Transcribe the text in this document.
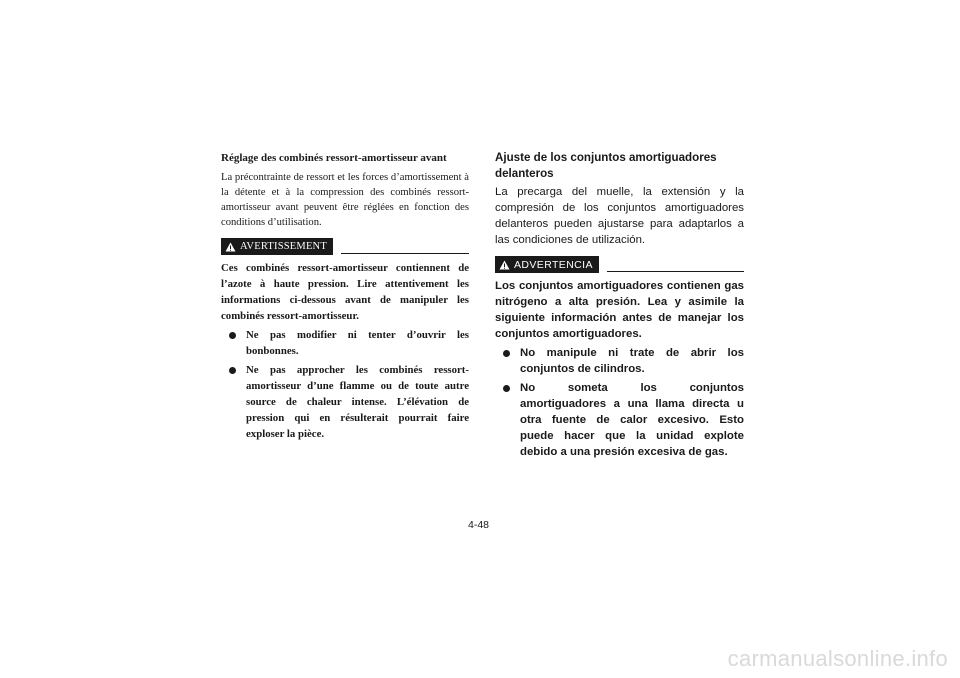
Réglage des combinés ressort-amortisseur avant

La précontrainte de ressort et les forces d’amortissement à la détente et à la compression des combinés ressort-amortisseur avant peuvent être réglées en fonction des conditions d’utilisation.

AVERTISSEMENT

Ces combinés ressort-amortisseur contiennent de l’azote à haute pression. Lire attentivement les informations ci-dessous avant de manipuler les combinés ressort-amortisseur.

Ne pas modifier ni tenter d’ouvrir les bonbonnes.
Ne pas approcher les combinés ressort-amortisseur d’une flamme ou de toute autre source de chaleur intense. L’élévation de pression qui en résulterait pourrait faire exploser la pièce.
Ajuste de los conjuntos amortiguadores delanteros

La precarga del muelle, la extensión y la compresión de los conjuntos amortiguadores delanteros pueden ajustarse para adaptarlos a las condiciones de utilización.

ADVERTENCIA

Los conjuntos amortiguadores contienen gas nitrógeno a alta presión. Lea y asimile la siguiente información antes de manejar los conjuntos amortiguadores.

No manipule ni trate de abrir los conjuntos de cilindros.
No someta los conjuntos amortiguadores a una llama directa u otra fuente de calor excesivo. Esto puede hacer que la unidad explote debido a una presión excesiva de gas.
4-48
carmanualsonline.info
